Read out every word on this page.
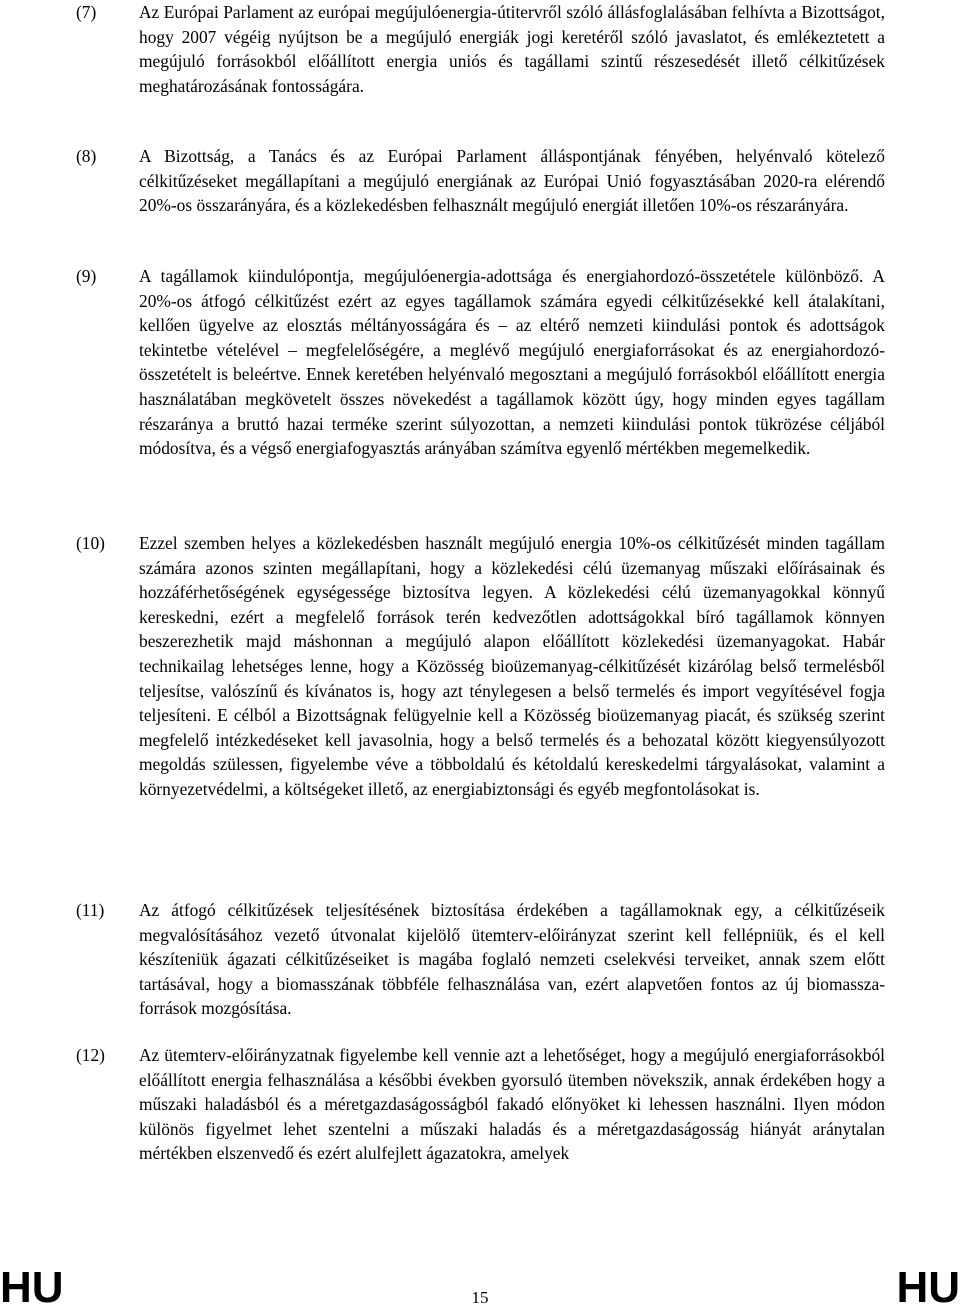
(7) Az Európai Parlament az európai megújulóenergia-útitervről szóló állásfoglalásában felhívta a Bizottságot, hogy 2007 végéig nyújtson be a megújuló energiák jogi keretéről szóló javaslatot, és emlékeztetett a megújuló forrásokból előállított energia uniós és tagállami szintű részesedését illető célkitűzések meghatározásának fontosságára.

(8) A Bizottság, a Tanács és az Európai Parlament álláspontjának fényében, helyénvaló kötelező célkitűzéseket megállapítani a megújuló energiának az Európai Unió fogyasztásában 2020-ra elérendő 20%-os összarányára, és a közlekedésben felhasznált megújuló energiát illetően 10%-os részarányára.

(9) A tagállamok kiindulópontja, megújulóenergia-adottsága és energiahordozó-összetétele különböző. A 20%-os átfogó célkitűzést ezért az egyes tagállamok számára egyedi célkitűzésekké kell átalakítani, kellően ügyelve az elosztás méltányosságára és – az eltérő nemzeti kiindulási pontok és adottságok tekintetbe vételével – megfelelőségére, a meglévő megújuló energiaforrásokat és az energiahordozó-összetételt is beleértve. Ennek keretében helyénvaló megosztani a megújuló forrásokból előállított energia használatában megkövetelt összes növekedést a tagállamok között úgy, hogy minden egyes tagállam részaránya a bruttó hazai terméke szerint súlyozottan, a nemzeti kiindulási pontok tükrözése céljából módosítva, és a végső energiafogyasztás arányában számítva egyenlő mértékben megemelkedik.

(10) Ezzel szemben helyes a közlekedésben használt megújuló energia 10%-os célkitűzését minden tagállam számára azonos szinten megállapítani, hogy a közlekedési célú üzemanyag műszaki előírásainak és hozzáférhetőségének egységessége biztosítva legyen. A közlekedési célú üzemanyagokkal könnyű kereskedni, ezért a megfelelő források terén kedvezőtlen adottságokkal bíró tagállamok könnyen beszerezhetik majd máshonnan a megújuló alapon előállított közlekedési üzemanyagokat. Habár technikailag lehetséges lenne, hogy a Közösség bioüzemanyag-célkitűzését kizárólag belső termelésből teljesítse, valószínű és kívánatos is, hogy azt ténylegesen a belső termelés és import vegyítésével fogja teljesíteni. E célból a Bizottságnak felügyelnie kell a Közösség bioüzemanyag piacát, és szükség szerint megfelelő intézkedéseket kell javasolnia, hogy a belső termelés és a behozatal között kiegyensúlyozott megoldás szülessen, figyelembe véve a többoldalú és kétoldalú kereskedelmi tárgyalásokat, valamint a környezetvédelmi, a költségeket illető, az energiabiztonsági és egyéb megfontolásokat is.

(11) Az átfogó célkitűzések teljesítésének biztosítása érdekében a tagállamoknak egy, a célkitűzéseik megvalósításához vezető útvonalat kijelölő ütemterv-előirányzat szerint kell fellépniük, és el kell készíteniük ágazati célkitűzéseiket is magába foglaló nemzeti cselekvési terveiket, annak szem előtt tartásával, hogy a biomasszának többféle felhasználása van, ezért alapvetően fontos az új biomassza-források mozgósítása.

(12) Az ütemterv-előirányzatnak figyelembe kell vennie azt a lehetőséget, hogy a megújuló energiaforrásokból előállított energia felhasználása a későbbi években gyorsuló ütemben növekszik, annak érdekében hogy a műszaki haladásból és a méretgazdaságosságból fakadó előnyöket ki lehessen használni. Ilyen módon különös figyelmet lehet szentelni a műszaki haladás és a méretgazdaságosság hiányát aránytalan mértékben elszenvedő és ezért alulfejlett ágazatokra, amelyek

HU	15	HU
